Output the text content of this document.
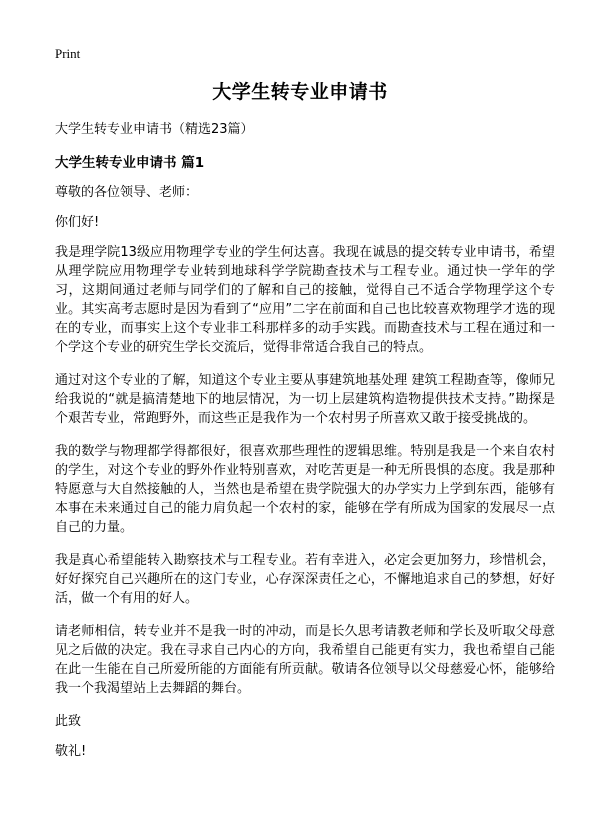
Print
大学生转专业申请书

大学生转专业申请书（精选23篇）

大学生转专业申请书 篇1

尊敬的各位领导、老师：

你们好!

我是理学院13级应用物理学专业的学生何达喜。我现在诚恳的提交转专业申请书，希望从理学院应用物理学专业转到地球科学学院勘查技术与工程专业。通过快一学年的学习，这期间通过老师与同学们的了解和自己的接触，觉得自己不适合学物理学这个专业。其实高考志愿时是因为看到了“应用”二字在前面和自己也比较喜欢物理学才选的现在的专业，而事实上这个专业非工科那样多的动手实践。而勘查技术与工程在通过和一个学这个专业的研究生学长交流后，觉得非常适合我自己的特点。

通过对这个专业的了解，知道这个专业主要从事建筑地基处理 建筑工程勘查等，像师兄给我说的“就是搞清楚地下的地层情况，为一切上层建筑构造物提供技术支持。”勘探是个艰苦专业，常跑野外，而这些正是我作为一个农村男子所喜欢又敢于接受挑战的。

我的数学与物理都学得都很好，很喜欢那些理性的逻辑思维。特别是我是一个来自农村的学生，对这个专业的野外作业特别喜欢，对吃苦更是一种无所畏惧的态度。我是那种特愿意与大自然接触的人，当然也是希望在贵学院强大的办学实力上学到东西，能够有本事在未来通过自己的能力肩负起一个农村的家，能够在学有所成为国家的发展尽一点自己的力量。

我是真心希望能转入勘察技术与工程专业。若有幸进入，必定会更加努力，珍惜机会，好好探究自己兴趣所在的这门专业，心存深深责任之心，不懈地追求自己的梦想，好好活，做一个有用的好人。

请老师相信，转专业并不是我一时的冲动，而是长久思考请教老师和学长及听取父母意见之后做的决定。我在寻求自己内心的方向，我希望自己能更有实力，我也希望自己能在此一生能在自己所爱所能的方面能有所贡献。敬请各位领导以父母慈爱心怀，能够给我一个我渴望站上去舞蹈的舞台。

此致

敬礼!
